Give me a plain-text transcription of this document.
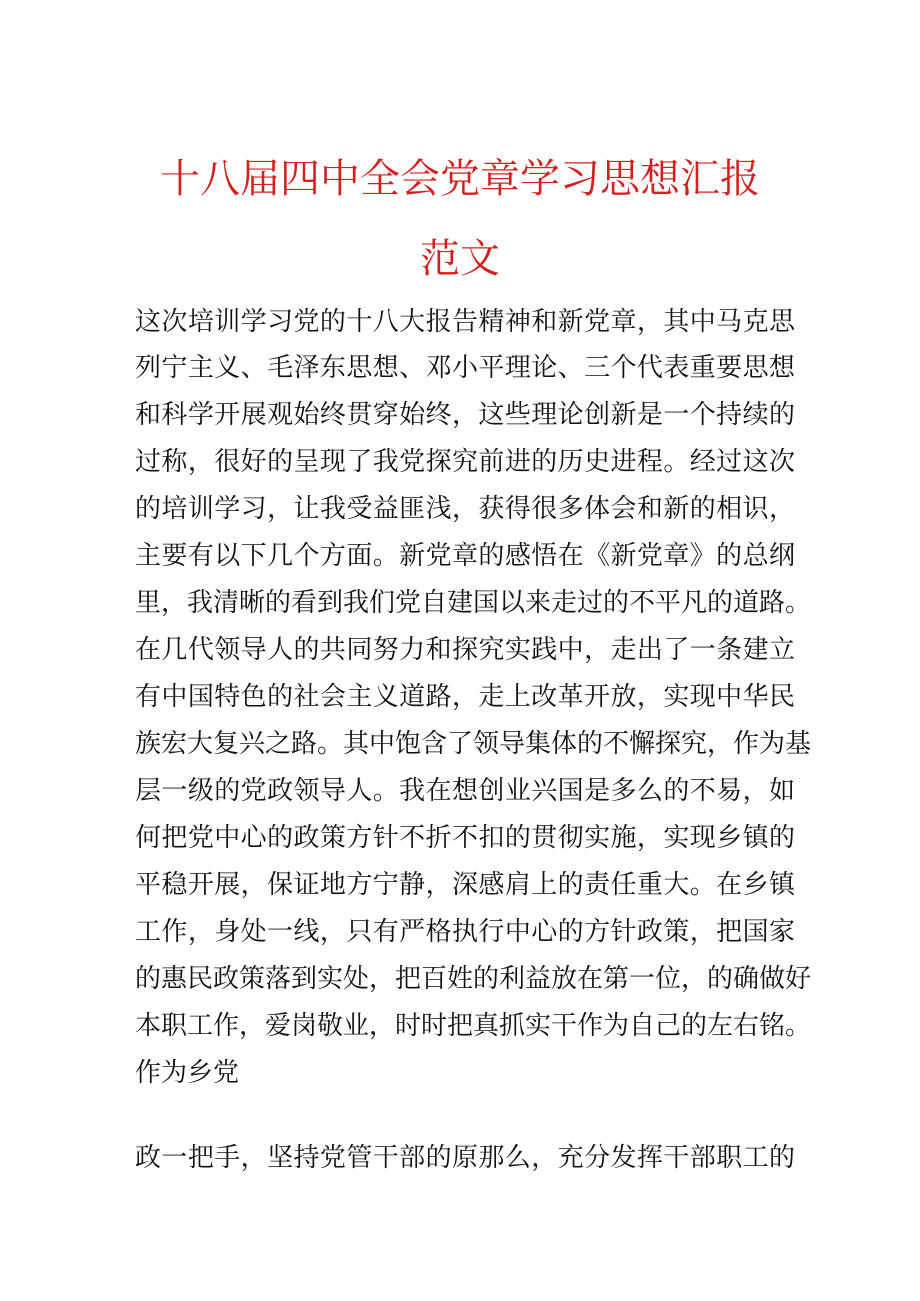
十八届四中全会党章学习思想汇报
范文
这次培训学习党的十八大报告精神和新党章，其中马克思
列宁主义、毛泽东思想、邓小平理论、三个代表重要思想
和科学开展观始终贯穿始终，这些理论创新是一个持续的
过称，很好的呈现了我党探究前进的历史进程。经过这次
的培训学习，让我受益匪浅，获得很多体会和新的相识，
主要有以下几个方面。新党章的感悟在《新党章》的总纲
里，我清晰的看到我们党自建国以来走过的不平凡的道路。
在几代领导人的共同努力和探究实践中，走出了一条建立
有中国特色的社会主义道路，走上改革开放，实现中华民
族宏大复兴之路。其中饱含了领导集体的不懈探究，作为基
层一级的党政领导人。我在想创业兴国是多么的不易，如
何把党中心的政策方针不折不扣的贯彻实施，实现乡镇的
平稳开展，保证地方宁静，深感肩上的责任重大。在乡镇
工作，身处一线，只有严格执行中心的方针政策，把国家
的惠民政策落到实处，把百姓的利益放在第一位，的确做好
本职工作，爱岗敬业，时时把真抓实干作为自己的左右铭。
作为乡党
政一把手，坚持党管干部的原那么，充分发挥干部职工的
